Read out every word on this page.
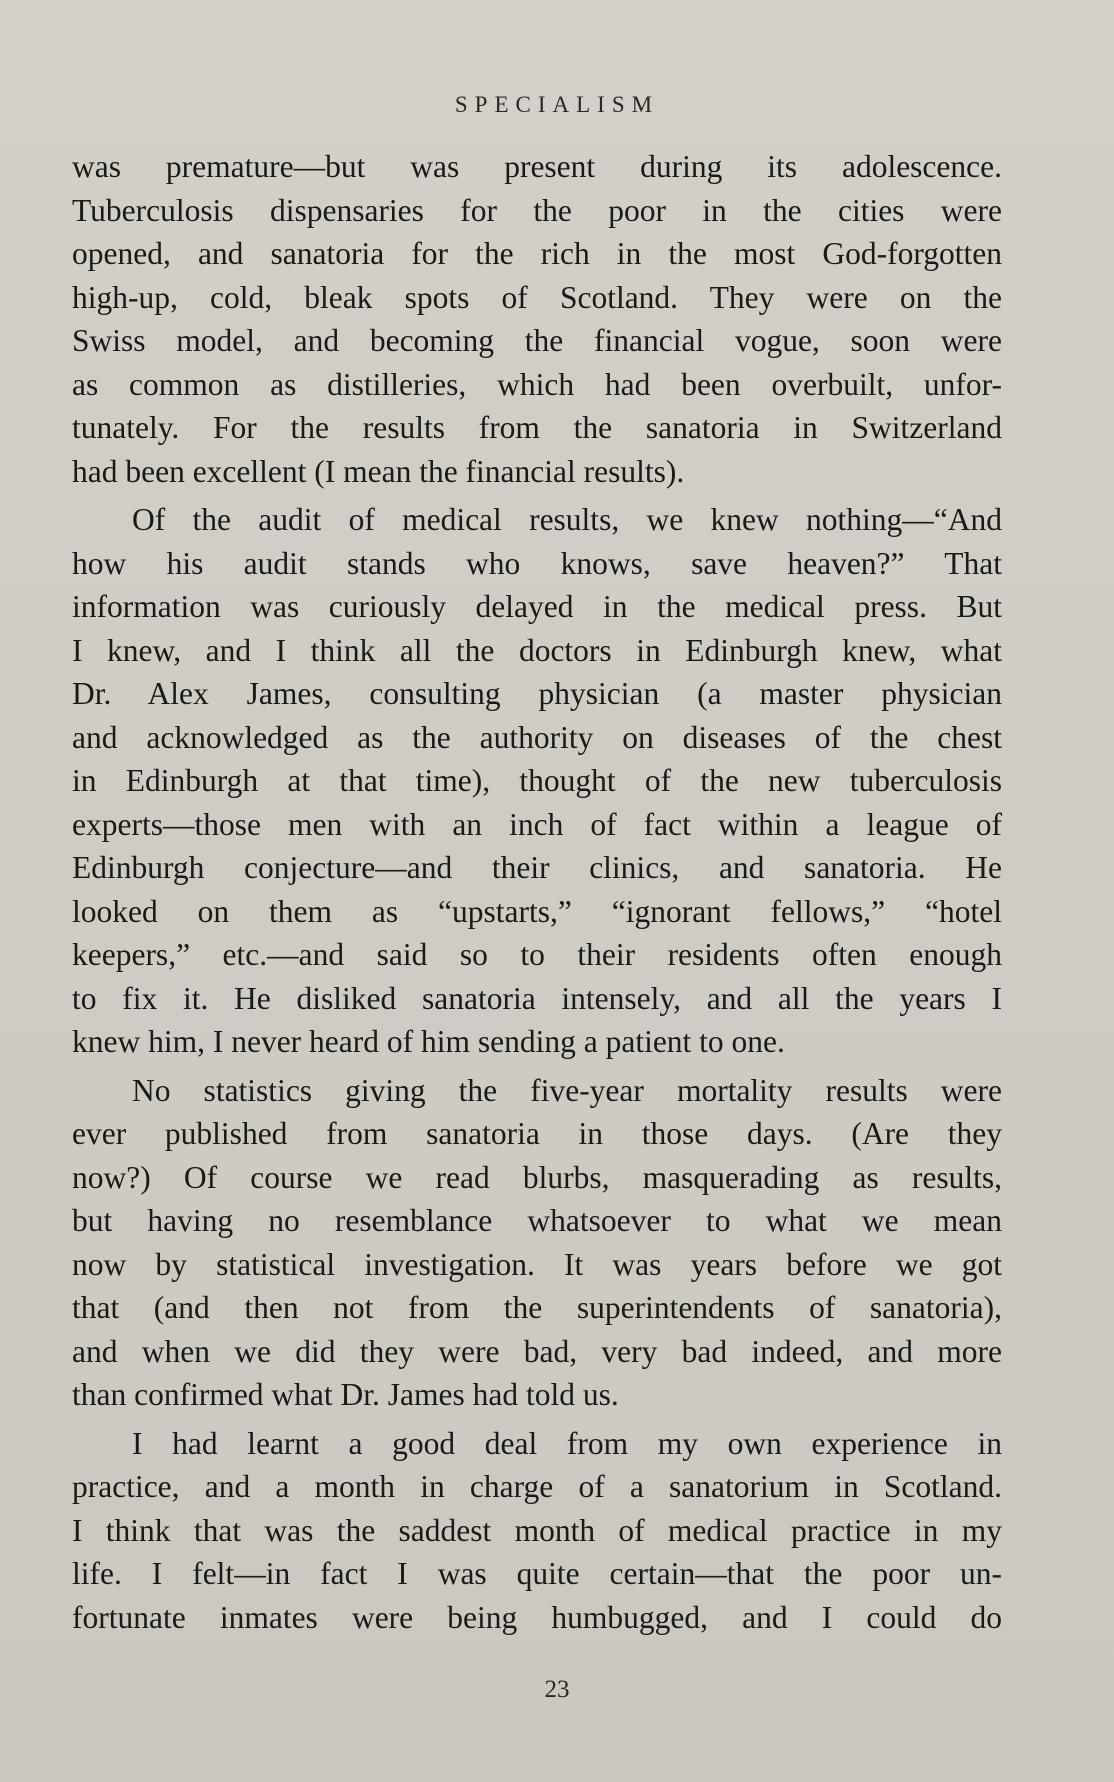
SPECIALISM
was premature—but was present during its adolescence.
Tuberculosis dispensaries for the poor in the cities were
opened, and sanatoria for the rich in the most God-forgotten
high-up, cold, bleak spots of Scotland. They were on the
Swiss model, and becoming the financial vogue, soon were
as common as distilleries, which had been overbuilt, unfor-
tunately. For the results from the sanatoria in Switzerland
had been excellent (I mean the financial results).
Of the audit of medical results, we knew nothing—“And
how his audit stands who knows, save heaven?” That
information was curiously delayed in the medical press. But
I knew, and I think all the doctors in Edinburgh knew, what
Dr. Alex James, consulting physician (a master physician
and acknowledged as the authority on diseases of the chest
in Edinburgh at that time), thought of the new tuberculosis
experts—those men with an inch of fact within a league of
Edinburgh conjecture—and their clinics, and sanatoria. He
looked on them as “upstarts,” “ignorant fellows,” “hotel
keepers,” etc.—and said so to their residents often enough
to fix it. He disliked sanatoria intensely, and all the years I
knew him, I never heard of him sending a patient to one.
No statistics giving the five-year mortality results were
ever published from sanatoria in those days. (Are they
now?) Of course we read blurbs, masquerading as results,
but having no resemblance whatsoever to what we mean
now by statistical investigation. It was years before we got
that (and then not from the superintendents of sanatoria),
and when we did they were bad, very bad indeed, and more
than confirmed what Dr. James had told us.
I had learnt a good deal from my own experience in
practice, and a month in charge of a sanatorium in Scotland.
I think that was the saddest month of medical practice in my
life. I felt—in fact I was quite certain—that the poor un-
fortunate inmates were being humbugged, and I could do
23
